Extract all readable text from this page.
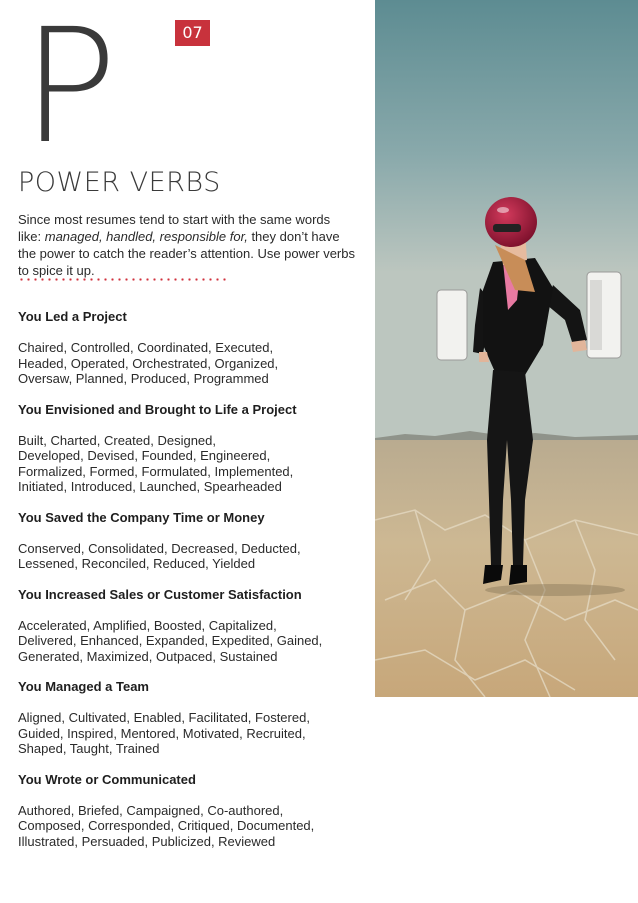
07
P
POWER VERBS

Since most resumes tend to start with the same words like: managed, handled, responsible for, they don’t have the power to catch the reader’s attention. Use power verbs to spice it up.

You Led a Project
Chaired, Controlled, Coordinated, Executed,
Headed, Operated, Orchestrated, Organized,
Oversaw, Planned, Produced, Programmed
You Envisioned and Brought to Life a Project
Built, Charted, Created, Designed,
Developed, Devised, Founded, Engineered,
Formalized, Formed, Formulated, Implemented,
Initiated, Introduced, Launched, Spearheaded
You Saved the Company Time or Money
Conserved, Consolidated, Decreased, Deducted,
Lessened, Reconciled, Reduced, Yielded
You Increased Sales or Customer Satisfaction
Accelerated, Amplified, Boosted, Capitalized,
Delivered, Enhanced, Expanded, Expedited, Gained,
Generated, Maximized, Outpaced, Sustained
You Managed a Team
Aligned, Cultivated, Enabled, Facilitated, Fostered,
Guided, Inspired, Mentored, Motivated, Recruited,
Shaped, Taught, Trained
You Wrote or Communicated
Authored, Briefed, Campaigned, Co-authored,
Composed, Corresponded, Critiqued, Documented,
Illustrated, Persuaded, Publicized, Reviewed
